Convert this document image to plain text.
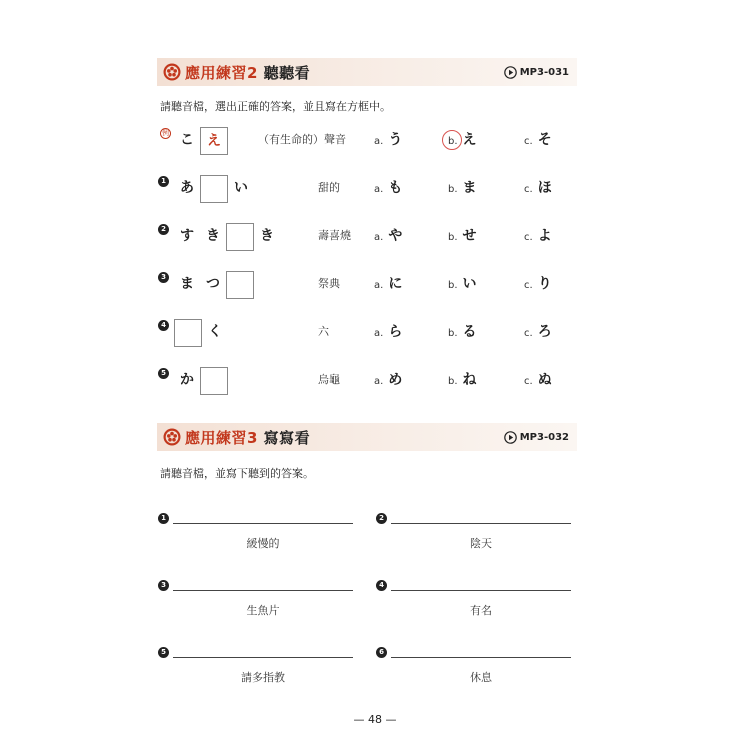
應用練習2 聽聽看	MP3-031
請聽音檔，選出正確的答案，並且寫在方框中。
例 こ え	（有生命的）聲音	a. う	b. え	c. そ
1 あ	い	甜的	a. も	b. ま	c. ほ
2 す き	き	壽喜燒 a. や	b. せ	c. よ
3 ま つ	祭典	a. に	b. い	c. り
4	く	六	a. ら	b. る	c. ろ
5 か	烏龜	a. め	b. ね	c. ぬ
應用練習3 寫寫看	MP3-032
請聽音檔，並寫下聽到的答案。
1
緩慢的
2
陰天
3
生魚片
4
有名
5
請多指教
6
休息
— 48 —
